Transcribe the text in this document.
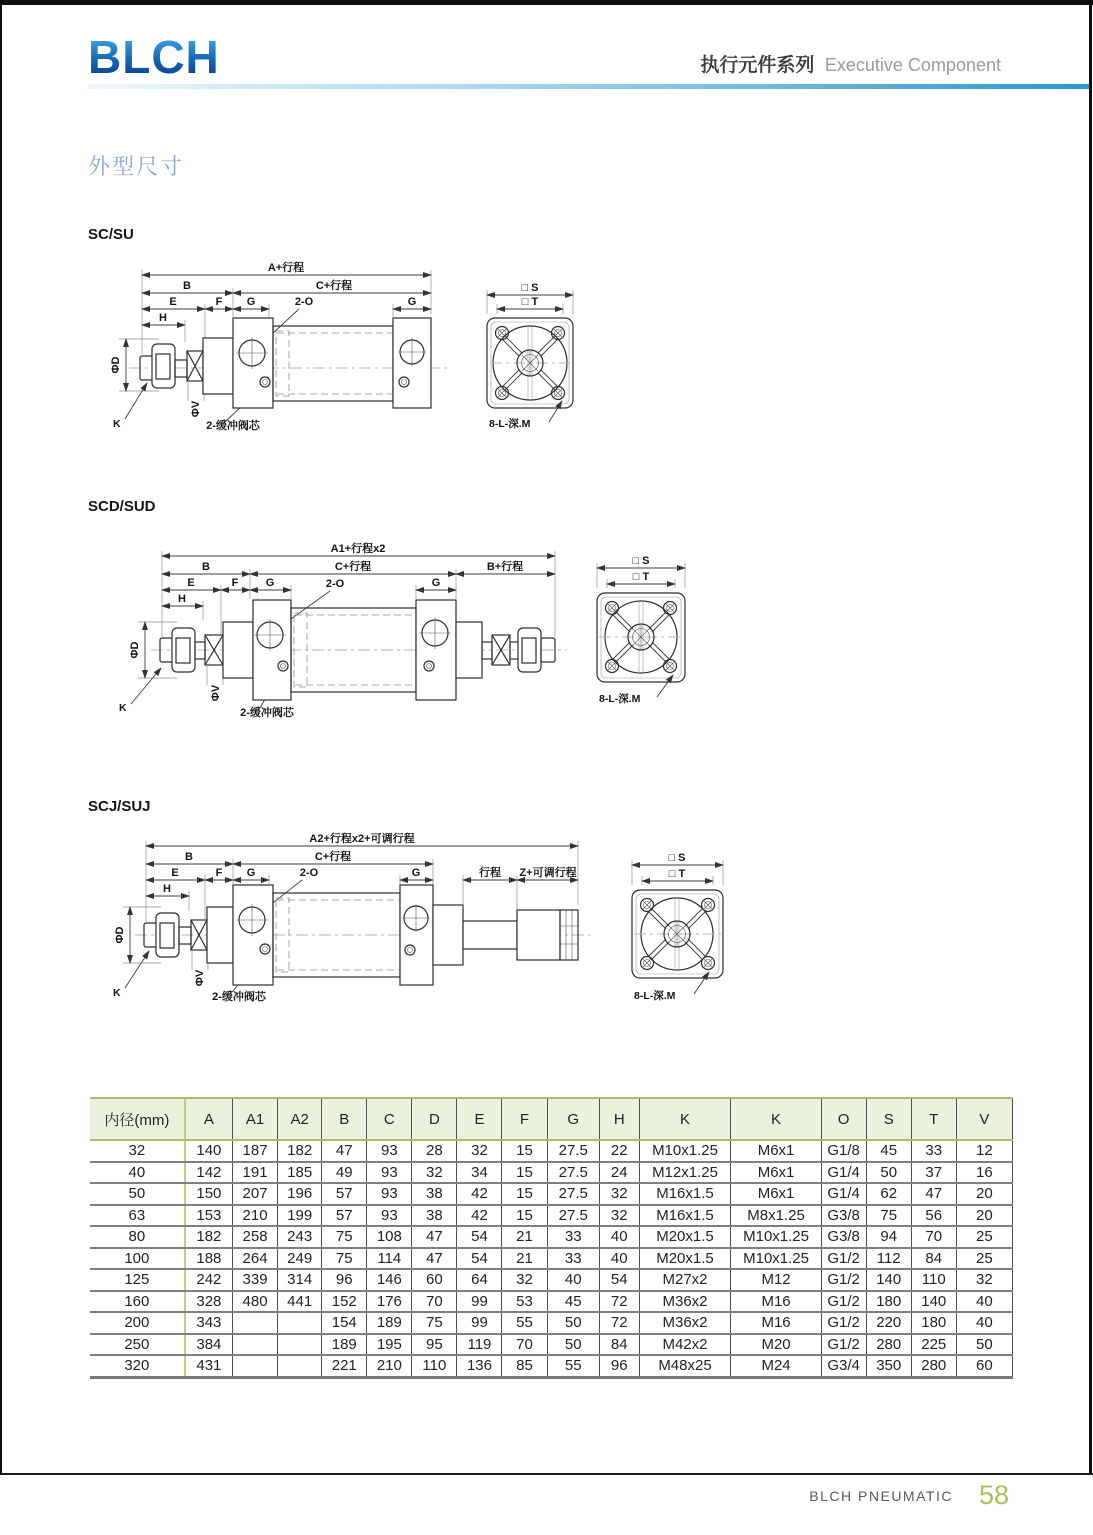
BLCH	执行元件系列 Executive Component
外型尺寸
SC/SU
SCD/SUD
SCJ/SUJ
A+行程
B	C+行程
E	F G	G
H
ΦD
ΦV
2-O
K	2-缓冲阀芯
□ S
□ T
8-L-深.M
A1+行程x2
B	C+行程	B+行程
E	F G	G
H
ΦD
ΦV
2-O
K	2-缓冲阀芯
□ S
□ T
8-L-深.M
A2+行程x2+可调行程
B	C+行程
E	F G	G	行程 Z+可调行程
H
ΦD
ΦV
2-O
K	2-缓冲阀芯
□ S
□ T
8-L-深.M
内径(mm)	A	A1	A2	B	C	D	E	F	G	H	K	K	O	S	T	V
32	140	187	182	47	93	28	32	15	27.5	22	M10x1.25	M6x1	G1/8	45	33	12
40	142	191	185	49	93	32	34	15	27.5	24	M12x1.25	M6x1	G1/4	50	37	16
50	150	207	196	57	93	38	42	15	27.5	32	M16x1.5	M6x1	G1/4	62	47	20
63	153	210	199	57	93	38	42	15	27.5	32	M16x1.5	M8x1.25	G3/8	75	56	20
80	182	258	243	75	108	47	54	21	33	40	M20x1.5	M10x1.25	G3/8	94	70	25
100	188	264	249	75	114	47	54	21	33	40	M20x1.5	M10x1.25	G1/2	112	84	25
125	242	339	314	96	146	60	64	32	40	54	M27x2	M12	G1/2	140	110	32
160	328	480	441	152	176	70	99	53	45	72	M36x2	M16	G1/2	180	140	40
200	343			154	189	75	99	55	50	72	M36x2	M16	G1/2	220	180	40
250	384			189	195	95	119	70	50	84	M42x2	M20	G1/2	280	225	50
320	431			221	210	110	136	85	55	96	M48x25	M24	G3/4	350	280	60
BLCH PNEUMATIC 58
